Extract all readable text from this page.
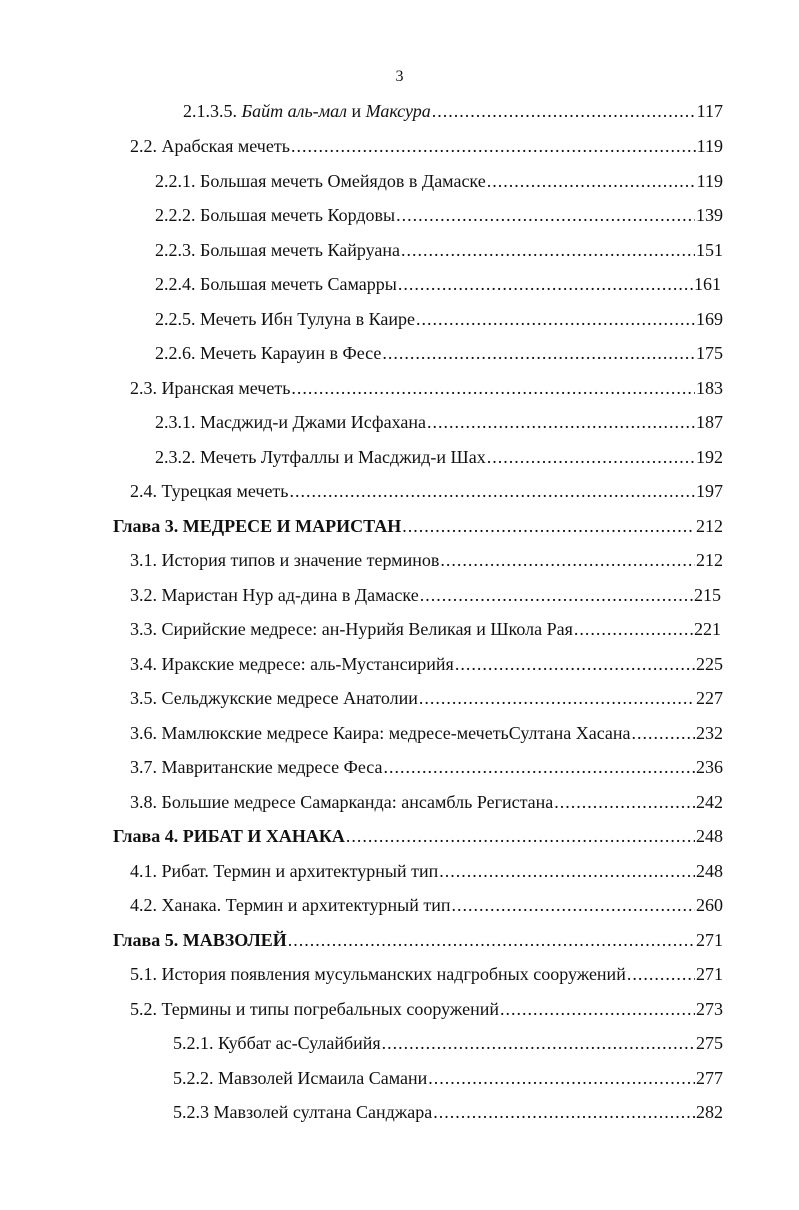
3
2.1.3.5. Байт аль-мал и Максура .....	117
2.2. Арабская мечеть .....	119
2.2.1. Большая мечеть Омейядов в Дамаске .....	119
2.2.2. Большая мечеть Кордовы .....	139
2.2.3. Большая мечеть Кайруана .....	151
2.2.4. Большая мечеть Самарры .....	161
2.2.5. Мечеть Ибн Тулуна в Каире .....	169
2.2.6. Мечеть Карауин в Фесе .....	175
2.3. Иранская мечеть .....	183
2.3.1. Масджид-и Джами Исфахана .....	187
2.3.2. Мечеть Лутфаллы и Масджид-и Шах .....	192
2.4. Турецкая мечеть .....	197
Глава 3. МЕДРЕСЕ И МАРИСТАН .....	212
3.1. История типов и значение терминов .....	212
3.2. Маристан Нур ад-дина в Дамаске .....	215
3.3. Сирийские медресе: ан-Нурийя Великая и Школа Рая .....	221
3.4. Иракские медресе: аль-Мустансирийя .....	225
3.5. Сельджукские медресе Анатолии .....	227
3.6. Мамлюкские медресе Каира: медресе-мечетьСултана Хасана .....	232
3.7. Мавританские медресе Феса .....	236
3.8. Большие медресе Самарканда: ансамбль Регистана .....	242
Глава 4. РИБАТ И ХАНАКА .....	248
4.1. Рибат. Термин и архитектурный тип .....	248
4.2. Ханака. Термин и архитектурный тип .....	260
Глава 5. МАВЗОЛЕЙ .....	271
5.1. История появления мусульманских надгробных сооружений .....	271
5.2. Термины и типы погребальных сооружений .....	273
5.2.1. Куббат ас-Сулайбийя .....	275
5.2.2. Мавзолей Исмаила Самани .....	277
5.2.3 Мавзолей султана Санджара .....	282
